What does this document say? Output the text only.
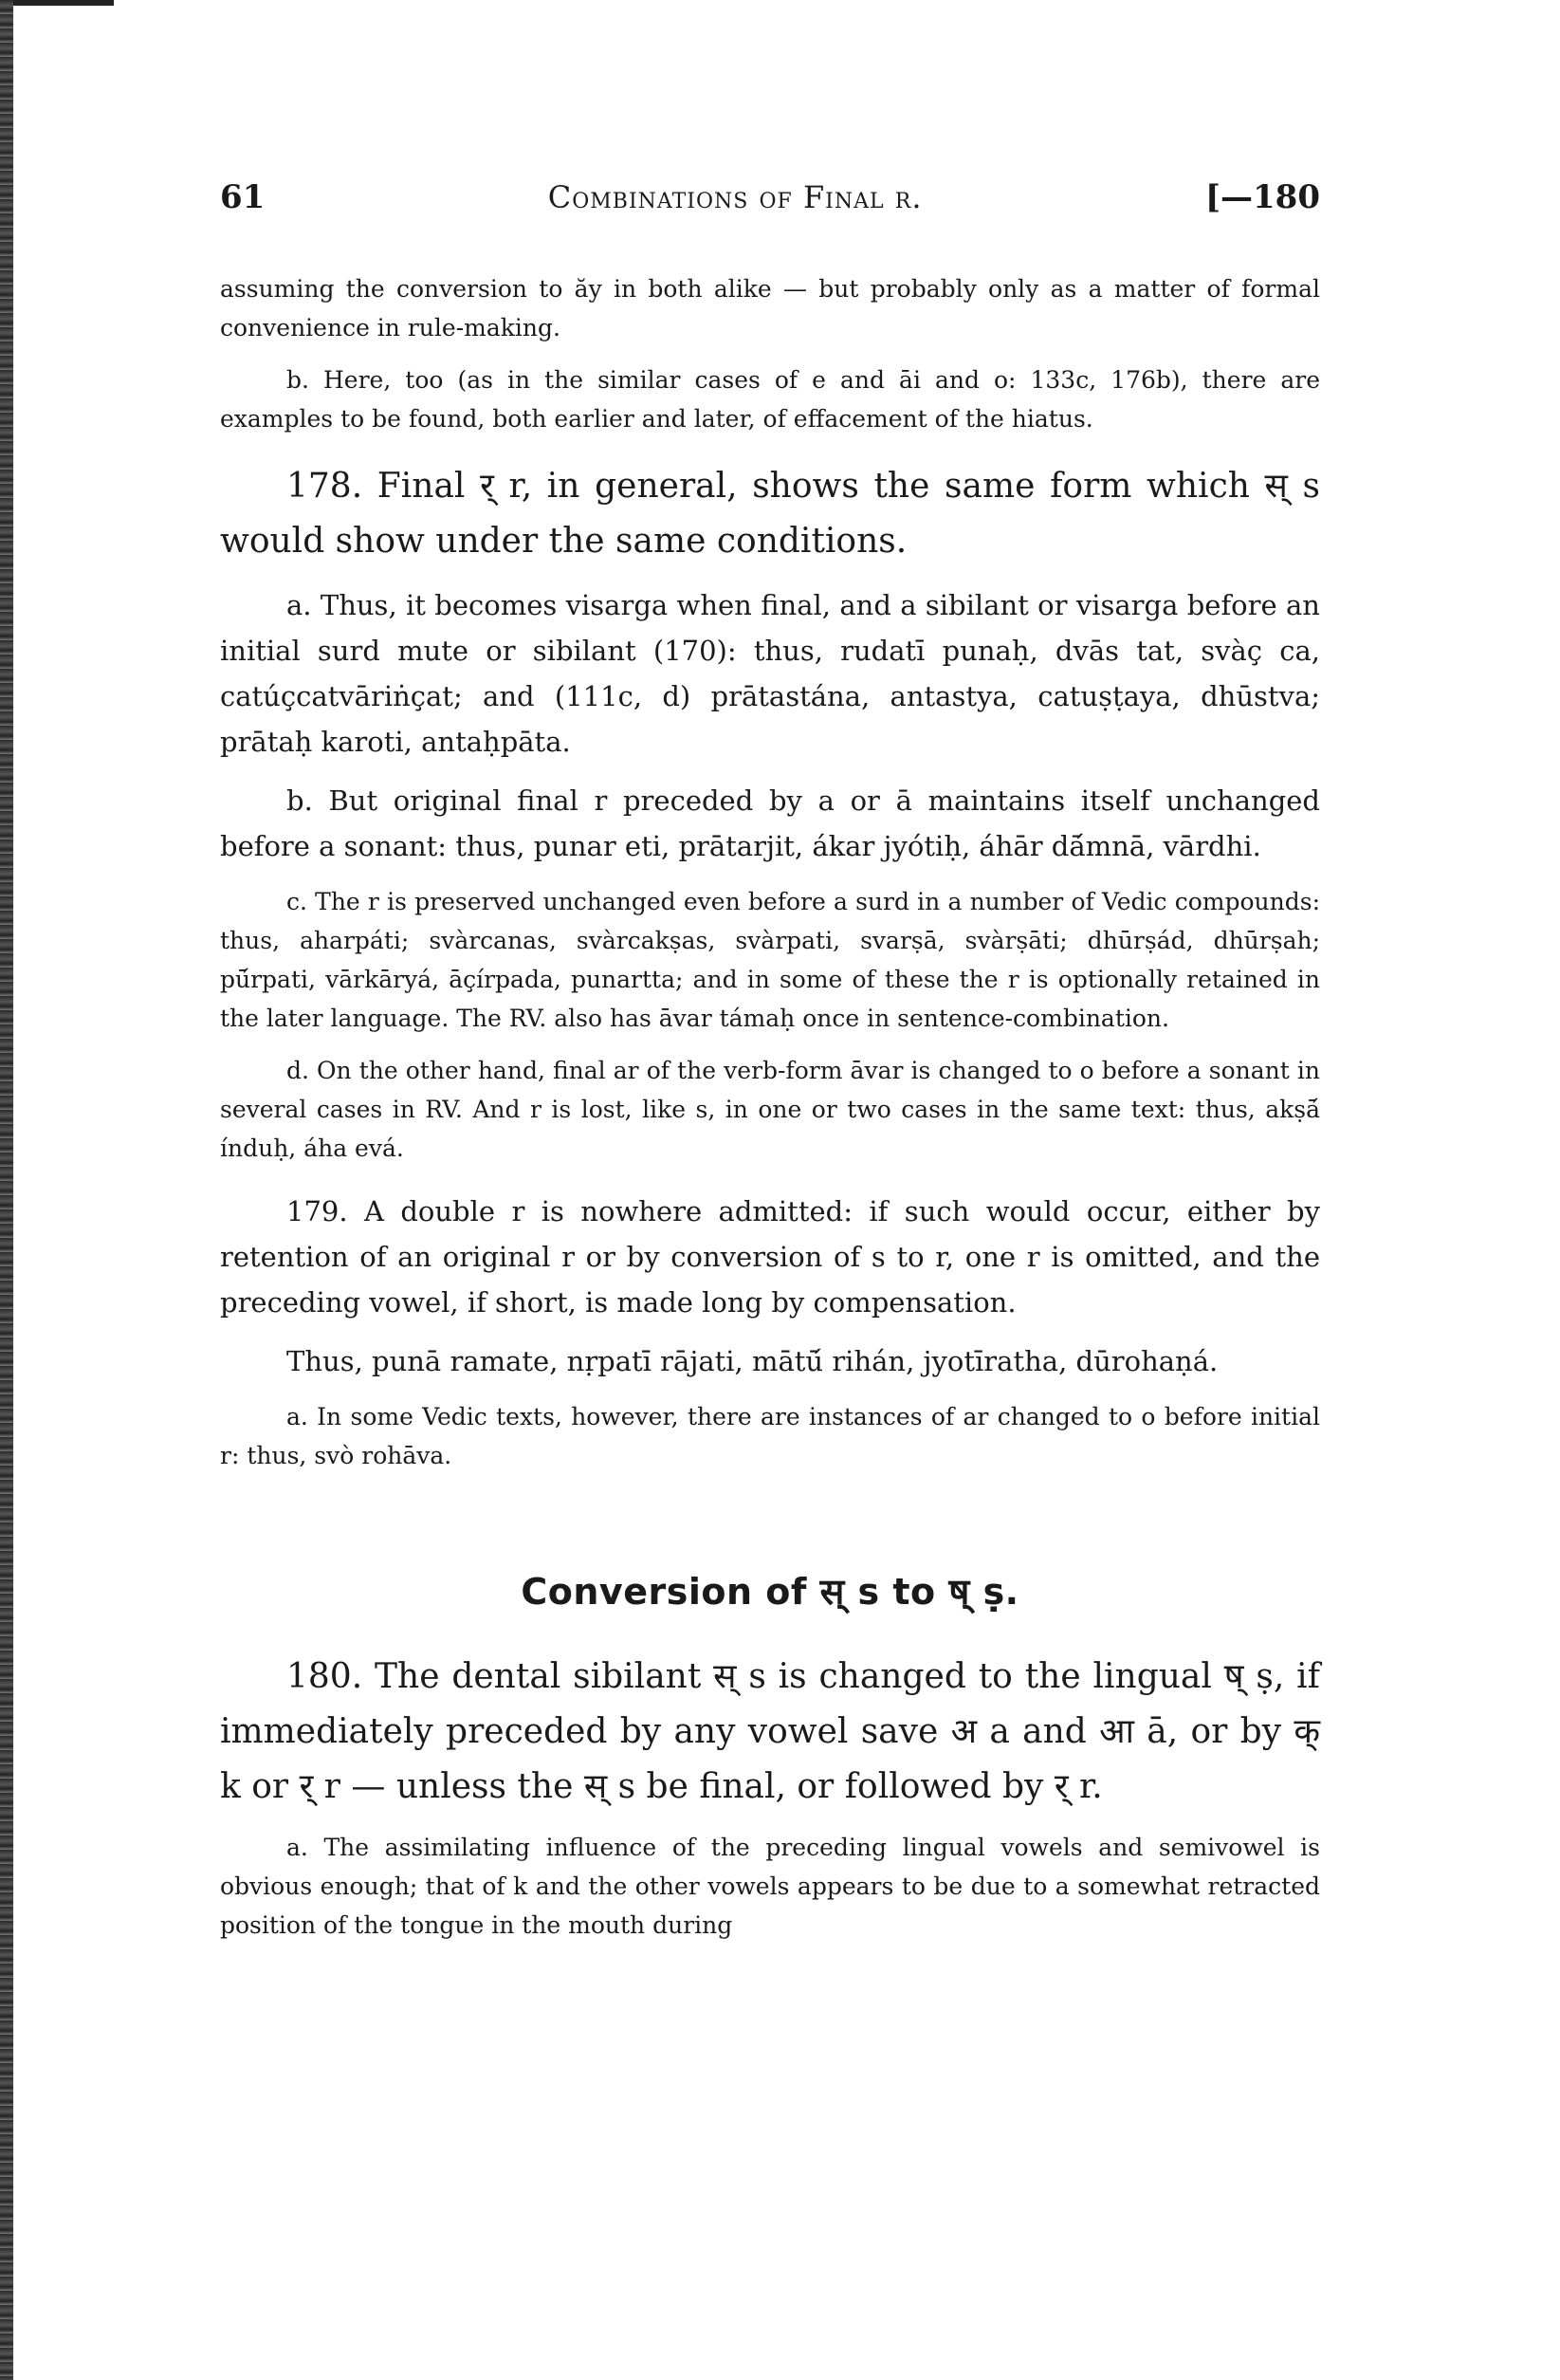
61	Combinations of Final r.	[—180

assuming the conversion to ăy in both alike — but probably only as a matter of formal convenience in rule-making.

b. Here, too (as in the similar cases of e and āi and o: 133c, 176b), there are examples to be found, both earlier and later, of effacement of the hiatus.

178. Final र् r, in general, shows the same form which स् s would show under the same conditions.

a. Thus, it becomes visarga when final, and a sibilant or visarga before an initial surd mute or sibilant (170): thus, rudatī punaḥ, dvās tat, svàç ca, catúçcatvāriṅçat; and (111c, d) prātastána, antastya, catuṣṭaya, dhūstva; prātaḥ karoti, antaḥpāta.

b. But original final r preceded by a or ā maintains itself unchanged before a sonant: thus, punar eti, prātarjit, ákar jyótiḥ, áhār dā́mnā, vārdhi.

c. The r is preserved unchanged even before a surd in a number of Vedic compounds: thus, aharpáti; svàrcanas, svàrcakṣas, svàrpati, svarṣā, svàrṣāti; dhūrṣád, dhūrṣah; pū́rpati, vārkāryá, āçírpada, punartta; and in some of these the r is optionally retained in the later language. The RV. also has āvar támaḥ once in sentence-combination.

d. On the other hand, final ar of the verb-form āvar is changed to o before a sonant in several cases in RV. And r is lost, like s, in one or two cases in the same text: thus, akṣā́ índuḥ, áha evá.

179. A double r is nowhere admitted: if such would occur, either by retention of an original r or by conversion of s to r, one r is omitted, and the preceding vowel, if short, is made long by compensation.

Thus, punā ramate, nṛpatī rājati, mātū́ rihán, jyotīratha, dūrohaṇá.

a. In some Vedic texts, however, there are instances of ar changed to o before initial r: thus, svò rohāva.

Conversion of स् s to ष् ṣ.

180. The dental sibilant स् s is changed to the lingual ष् ṣ, if immediately preceded by any vowel save अ a and आ ā, or by क् k or र् r — unless the स् s be final, or followed by र् r.

a. The assimilating influence of the preceding lingual vowels and semivowel is obvious enough; that of k and the other vowels appears to be due to a somewhat retracted position of the tongue in the mouth during
